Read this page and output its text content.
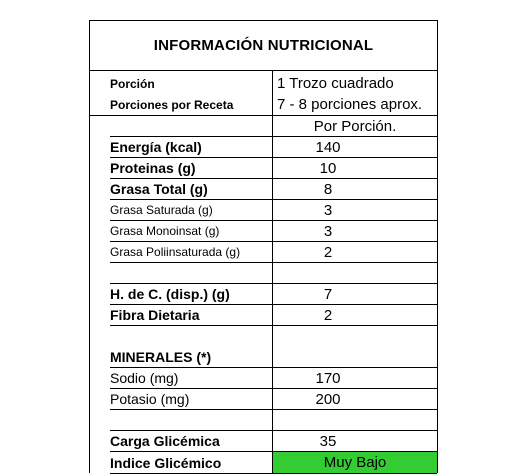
INFORMACIÓN NUTRICIONAL
Porción	1 Trozo cuadrado
Porciones por Receta	7 - 8 porciones aprox.
Por Porción.
Energía (kcal)	140
Proteinas (g)	10
Grasa Total (g)	8
Grasa Saturada (g)	3
Grasa Monoinsat (g)	3
Grasa Poliinsaturada (g)	2
H. de C. (disp.) (g)	7
Fibra Dietaria	2
MINERALES (*)
Sodio (mg)	170
Potasio (mg)	200
Carga Glicémica	35
Indice Glicémico	Muy Bajo
